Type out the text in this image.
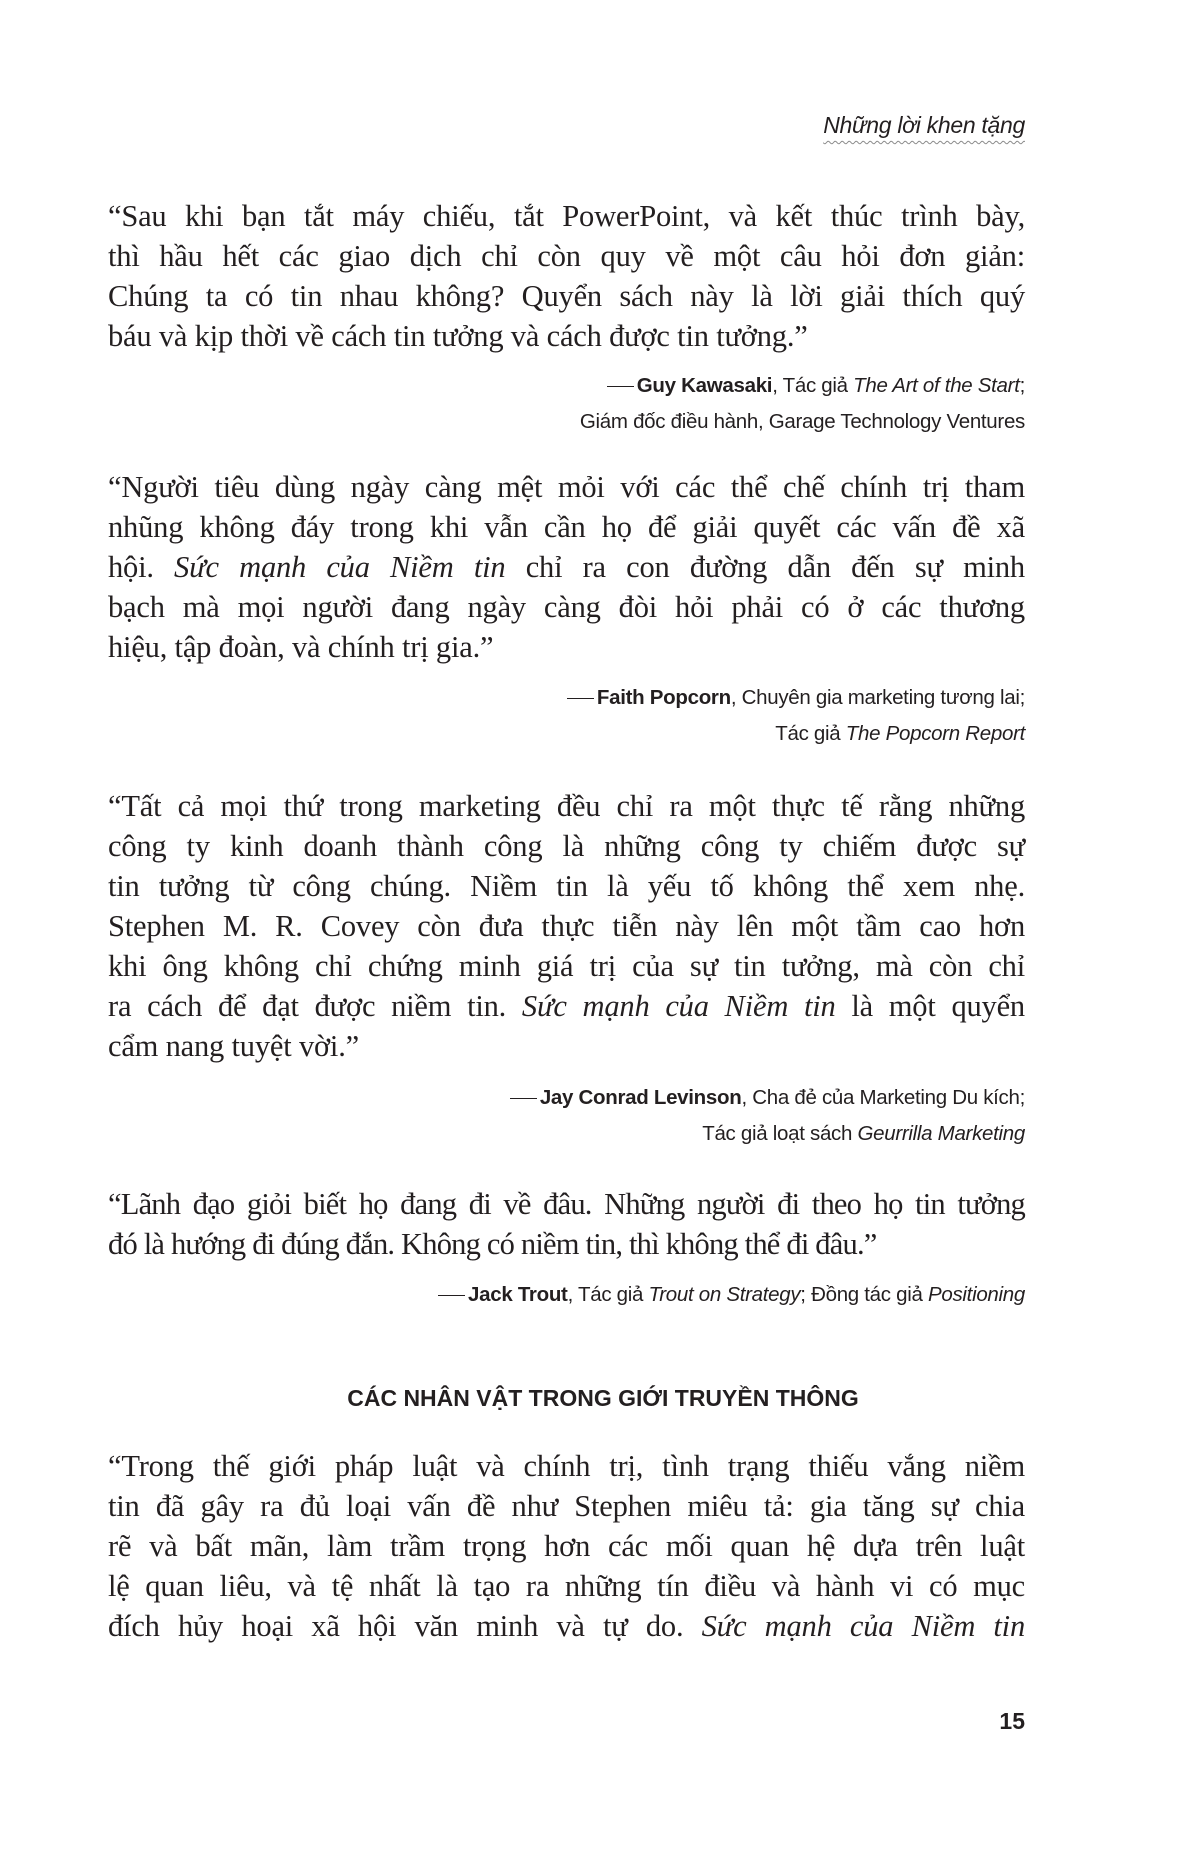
Những lời khen tặng

“Sau khi bạn tắt máy chiếu, tắt PowerPoint, và kết thúc trình bày,
thì hầu hết các giao dịch chỉ còn quy về một câu hỏi đơn giản:
Chúng ta có tin nhau không? Quyển sách này là lời giải thích quý
báu và kịp thời về cách tin tưởng và cách được tin tưởng.”

Guy Kawasaki, Tác giả The Art of the Start;

Giám đốc điều hành, Garage Technology Ventures

“Người tiêu dùng ngày càng mệt mỏi với các thể chế chính trị tham
nhũng không đáy trong khi vẫn cần họ để giải quyết các vấn đề xã
hội. Sức mạnh của Niềm tin chỉ ra con đường dẫn đến sự minh
bạch mà mọi người đang ngày càng đòi hỏi phải có ở các thương
hiệu, tập đoàn, và chính trị gia.”

Faith Popcorn, Chuyên gia marketing tương lai;

Tác giả The Popcorn Report

“Tất cả mọi thứ trong marketing đều chỉ ra một thực tế rằng những
công ty kinh doanh thành công là những công ty chiếm được sự
tin tưởng từ công chúng. Niềm tin là yếu tố không thể xem nhẹ.
Stephen M. R. Covey còn đưa thực tiễn này lên một tầm cao hơn
khi ông không chỉ chứng minh giá trị của sự tin tưởng, mà còn chỉ
ra cách để đạt được niềm tin. Sức mạnh của Niềm tin là một quyển
cẩm nang tuyệt vời.”

Jay Conrad Levinson, Cha đẻ của Marketing Du kích;

Tác giả loạt sách Geurrilla Marketing

“Lãnh đạo giỏi biết họ đang đi về đâu. Những người đi theo họ tin tưởng
đó là hướng đi đúng đắn. Không có niềm tin, thì không thể đi đâu.”

Jack Trout, Tác giả Trout on Strategy; Đồng tác giả Positioning

CÁC NHÂN VẬT TRONG GIỚI TRUYỀN THÔNG

“Trong thế giới pháp luật và chính trị, tình trạng thiếu vắng niềm
tin đã gây ra đủ loại vấn đề như Stephen miêu tả: gia tăng sự chia
rẽ và bất mãn, làm trầm trọng hơn các mối quan hệ dựa trên luật
lệ quan liêu, và tệ nhất là tạo ra những tín điều và hành vi có mục
đích hủy hoại xã hội văn minh và tự do. Sức mạnh của Niềm tin

15
